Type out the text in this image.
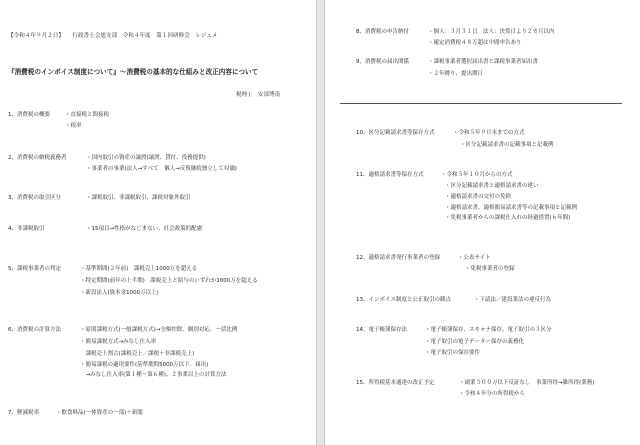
【令和４年９月２日】　　行政書士会旭支部　令和４年度　第１回研修会　レジュメ
『消費税のインボイス制度について』～消費税の基本的な仕組みと改正内容について
税理士　安部博南
1、消費税の概要	・直接税と間接税
・税率
2、消費税の納税義務者	・国内取引の資産の譲渡(譲渡、貸付、役務提供)
・事業者の事業(法人→すべて　個人→反復継続独立して対価)
3、消費税の取引区分	・課税取引、非課税取引、課税対象外取引
4、非課税取引	・15項目→性格がなじまない、社会政策的配慮
5、課税事業者の判定	・基準期間(２年前)　課税売上1000万を超える
・特定期間(前年の上半期)　課税売上と給与のいずれか1000万を超える
・新設法人(資本金1000万以上)
6、消費税の計算方法	・原則課税方式(一般課税方式)→全額控除、個別対応、一括比例
・簡易課税方式→みなし仕入率
　課税売上割合(課税売上／課税＋非課税売上)
・簡易課税の適用要件(基準期間5000万以下、届出)
　→みなし仕入率(第１種～第６種)、２事業以上の計算方法
7、軽減税率	・飲食料品(一体資産の一部)＋新聞
8、消費税の申告納付	・個人：３月３１日　法人：決算日より２カ月以内
・確定消費税４８万超は中間申告あり
9、消費税の届出関係	・課税事業者選択届出書と課税事業者届出書
・２年縛り、提出期日
10、区分記載請求書等保存方式	・令和５年９月末までの方式
・区分記載請求書の記載事項と記載例
11、適格請求書等保存方式	・令和５年１０月からの方式
・区分記載請求書と適格請求書の違い
・適格請求書の交付の免除
・適格請求書、適格簡易請求書等の記載事項と記載例
・免税事業者からの課税仕入れの経過措置(６年間)
12、適格請求書発行事業者の登録	・公表サイト
・免税事業者の登録
13、インボイス制度と公正取引の観点	・下請法／建設業法の違反行為
14、電子帳簿保存法	・電子帳簿保存、スキャナ保存、電子取引の３区分
・電子取引の電子データー保存の義務化
・電子取引の保存要件
15、所得税基本通達の改正予定	・副業３００万以下反証なし　事業所得→雑所得(業務)
・令和４年分の所得税から
